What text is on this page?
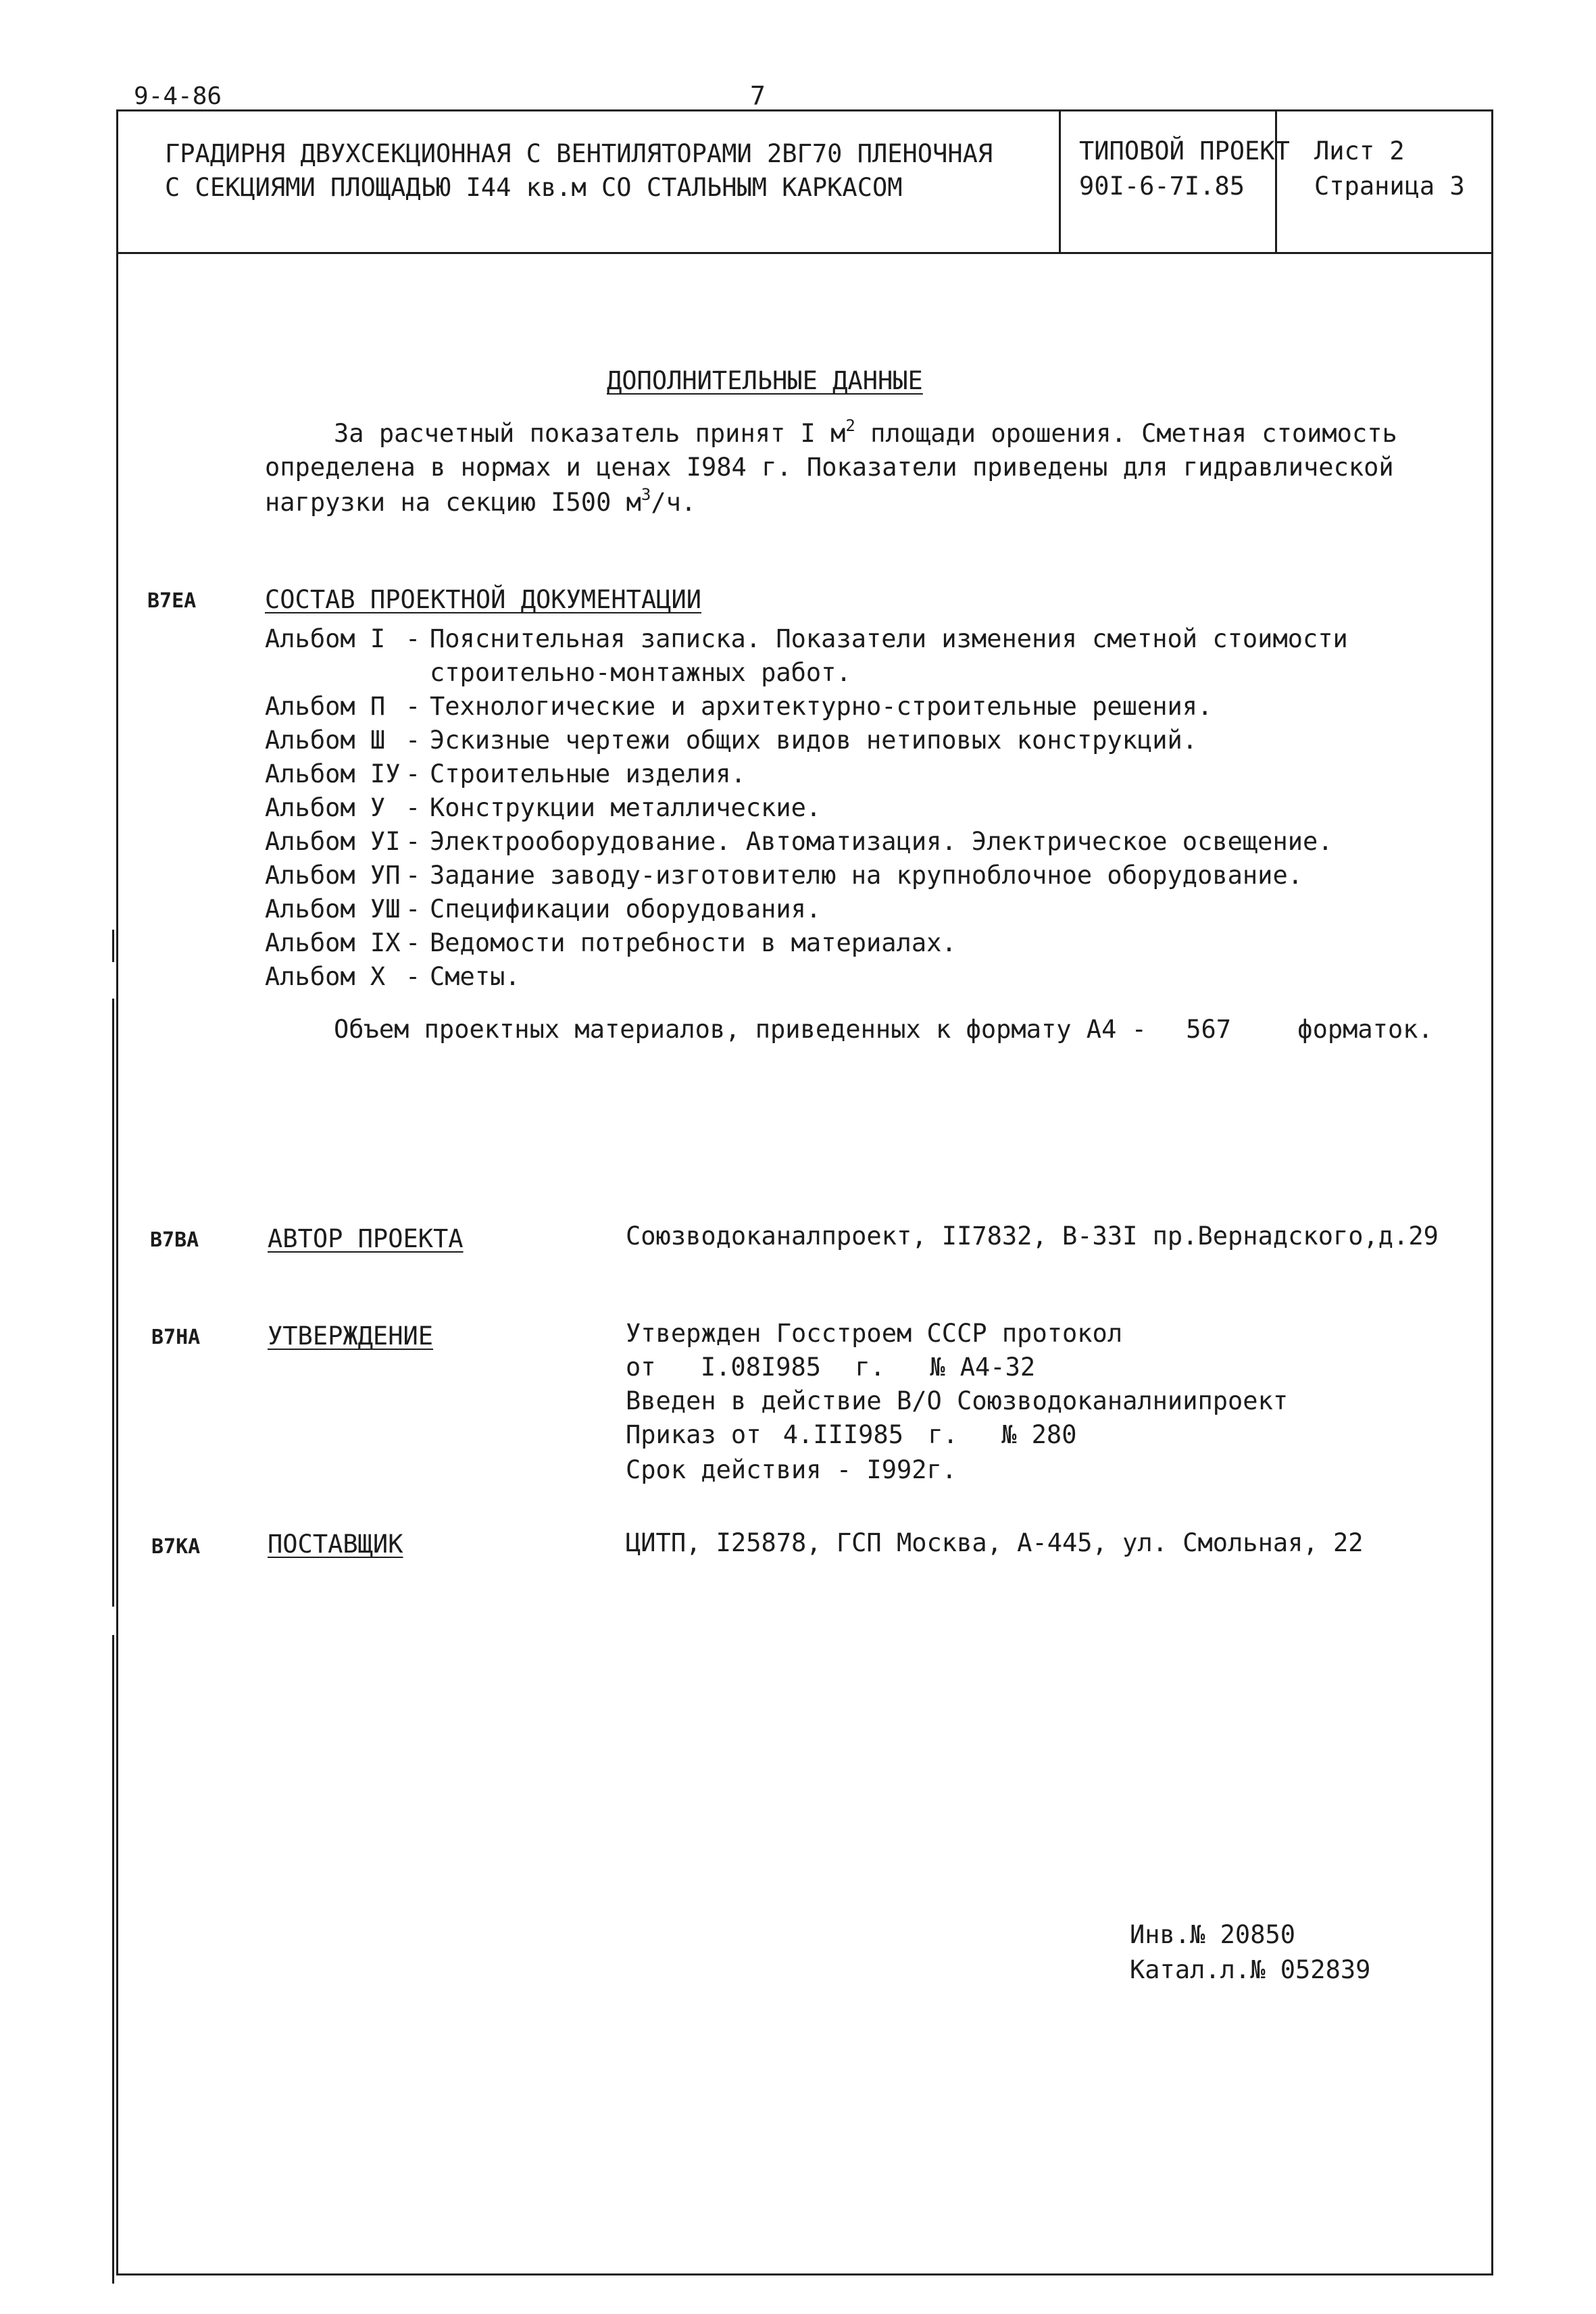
9-4-86	7
ГРАДИРНЯ ДВУХСЕКЦИОННАЯ С ВЕНТИЛЯТОРАМИ 2ВГ70 ПЛЕНОЧНАЯ
С СЕКЦИЯМИ ПЛОЩАДЬЮ I44 кв.м СО СТАЛЬНЫМ КАРКАСОМ
ТИПОВОЙ ПРОЕКТ
90I-6-7I.85
Лист 2
Страница 3
ДОПОЛНИТЕЛЬНЫЕ ДАННЫЕ
За расчетный показатель принят I $м^2$ площади орошения. Сметная стоимость
определена в нормах и ценах I984 г. Показатели приведены для гидравлической
нагрузки на секцию I500 $м^3/ч$.
В7ЕА	СОСТАВ ПРОЕКТНОЙ ДОКУМЕНТАЦИИ
Альбом I - Пояснительная записка. Показатели изменения сметной стоимости
строительно-монтажных работ.
Альбом П - Технологические и архитектурно-строительные решения.
Альбом Ш - Эскизные чертежи общих видов нетиповых конструкций.
Альбом IУ - Строительные изделия.
Альбом У - Конструкции металлические.
Альбом УI - Электрооборудование. Автоматизация. Электрическое освещение.
Альбом УП - Задание заводу-изготовителю на крупноблочное оборудование.
Альбом УШ - Спецификации оборудования.
Альбом IX - Ведомости потребности в материалах.
Альбом X - Сметы.
Объем проектных материалов, приведенных к формату А4 - 567	форматок.
В7ВА	АВТОР ПРОЕКТА	Союзводоканалпроект, II7832, В-33I пр.Вернадского,д.29
В7НА	УТВЕРЖДЕНИЕ	Утвержден Госстроем СССР протокол
от I.08I985 г. № А4-32
Введен в действие В/О Союзводоканалниипроект
Приказ от 4.III985 г. № 280
Срок действия - I992г.
В7КА	ПОСТАВЩИК	ЦИТП, I25878, ГСП Москва, А-445, ул. Смольная, 22
Инв.№ 20850
Катал.л.№ 052839
